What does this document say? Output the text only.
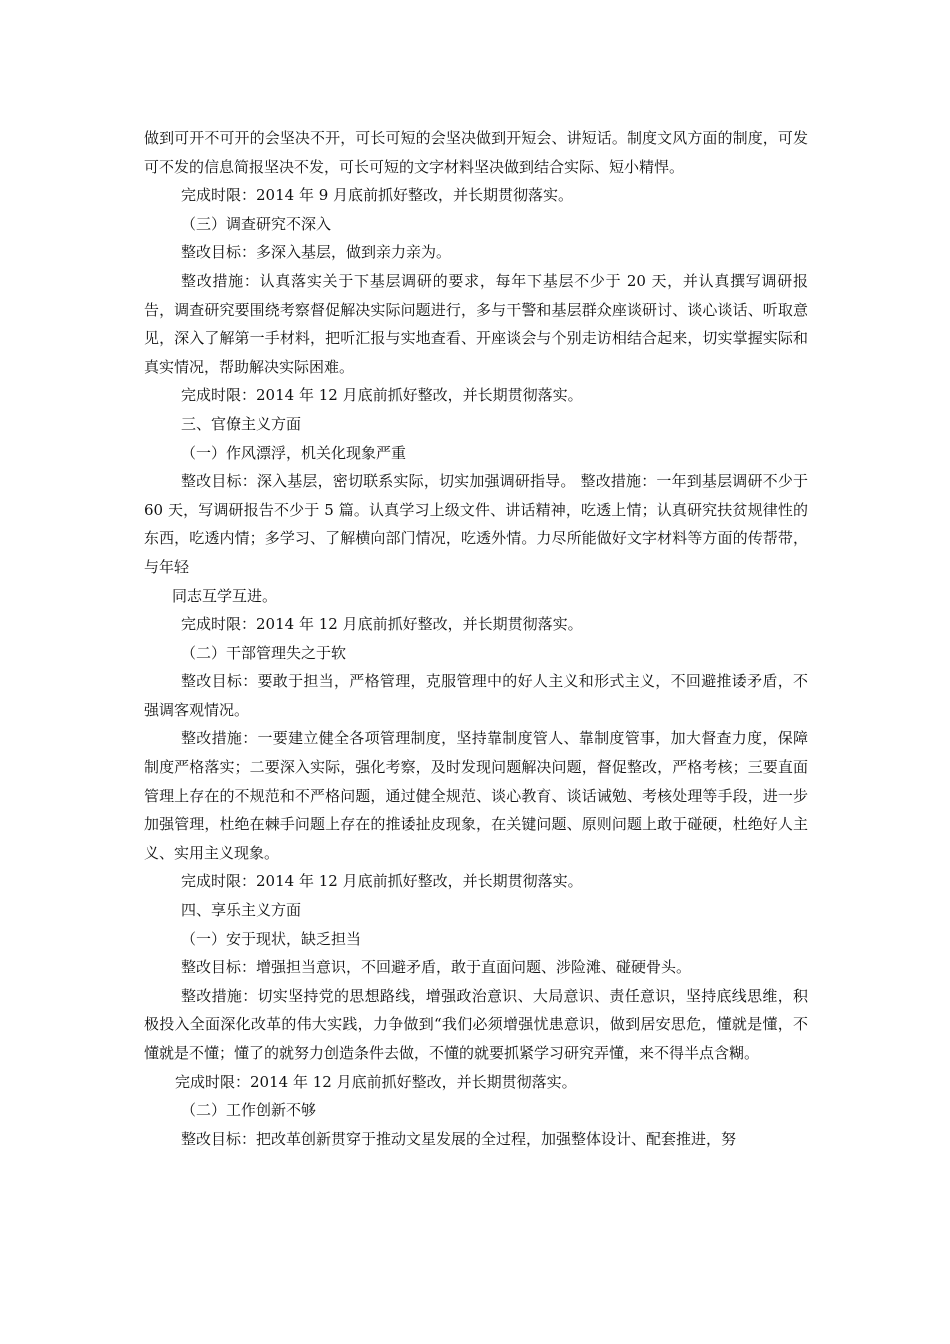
做到可开不可开的会坚决不开，可长可短的会坚决做到开短会、讲短话。制度文风方面的制度，可发可不发的信息简报坚决不发，可长可短的文字材料坚决做到结合实际、短小精悍。

完成时限：2014 年 9 月底前抓好整改，并长期贯彻落实。

（三）调查研究不深入

整改目标：多深入基层，做到亲力亲为。

整改措施：认真落实关于下基层调研的要求，每年下基层不少于 20 天，并认真撰写调研报告，调查研究要围绕考察督促解决实际问题进行，多与干警和基层群众座谈研讨、谈心谈话、听取意见，深入了解第一手材料，把听汇报与实地查看、开座谈会与个别走访相结合起来，切实掌握实际和真实情况，帮助解决实际困难。

完成时限：2014 年 12 月底前抓好整改，并长期贯彻落实。

三、官僚主义方面

（一）作风漂浮，机关化现象严重

整改目标：深入基层，密切联系实际，切实加强调研指导。 整改措施：一年到基层调研不少于 60 天，写调研报告不少于 5 篇。认真学习上级文件、讲话精神，吃透上情；认真研究扶贫规律性的东西，吃透内情；多学习、了解横向部门情况，吃透外情。力尽所能做好文字材料等方面的传帮带，与年轻

同志互学互进。

完成时限：2014 年 12 月底前抓好整改，并长期贯彻落实。

（二）干部管理失之于软

整改目标：要敢于担当，严格管理，克服管理中的好人主义和形式主义，不回避推诿矛盾，不强调客观情况。

整改措施：一要建立健全各项管理制度，坚持靠制度管人、靠制度管事，加大督查力度，保障制度严格落实；二要深入实际，强化考察，及时发现问题解决问题，督促整改，严格考核；三要直面管理上存在的不规范和不严格问题，通过健全规范、谈心教育、谈话诫勉、考核处理等手段，进一步加强管理，杜绝在棘手问题上存在的推诿扯皮现象，在关键问题、原则问题上敢于碰硬，杜绝好人主义、实用主义现象。

完成时限：2014 年 12 月底前抓好整改，并长期贯彻落实。

四、享乐主义方面

（一）安于现状，缺乏担当

整改目标：增强担当意识，不回避矛盾，敢于直面问题、涉险滩、碰硬骨头。

整改措施：切实坚持党的思想路线，增强政治意识、大局意识、责任意识，坚持底线思维，积极投入全面深化改革的伟大实践，力争做到“我们必须增强忧患意识，做到居安思危，懂就是懂，不懂就是不懂；懂了的就努力创造条件去做，不懂的就要抓紧学习研究弄懂，来不得半点含糊。

完成时限：2014 年 12 月底前抓好整改，并长期贯彻落实。

（二）工作创新不够

整改目标：把改革创新贯穿于推动文星发展的全过程，加强整体设计、配套推进，努
